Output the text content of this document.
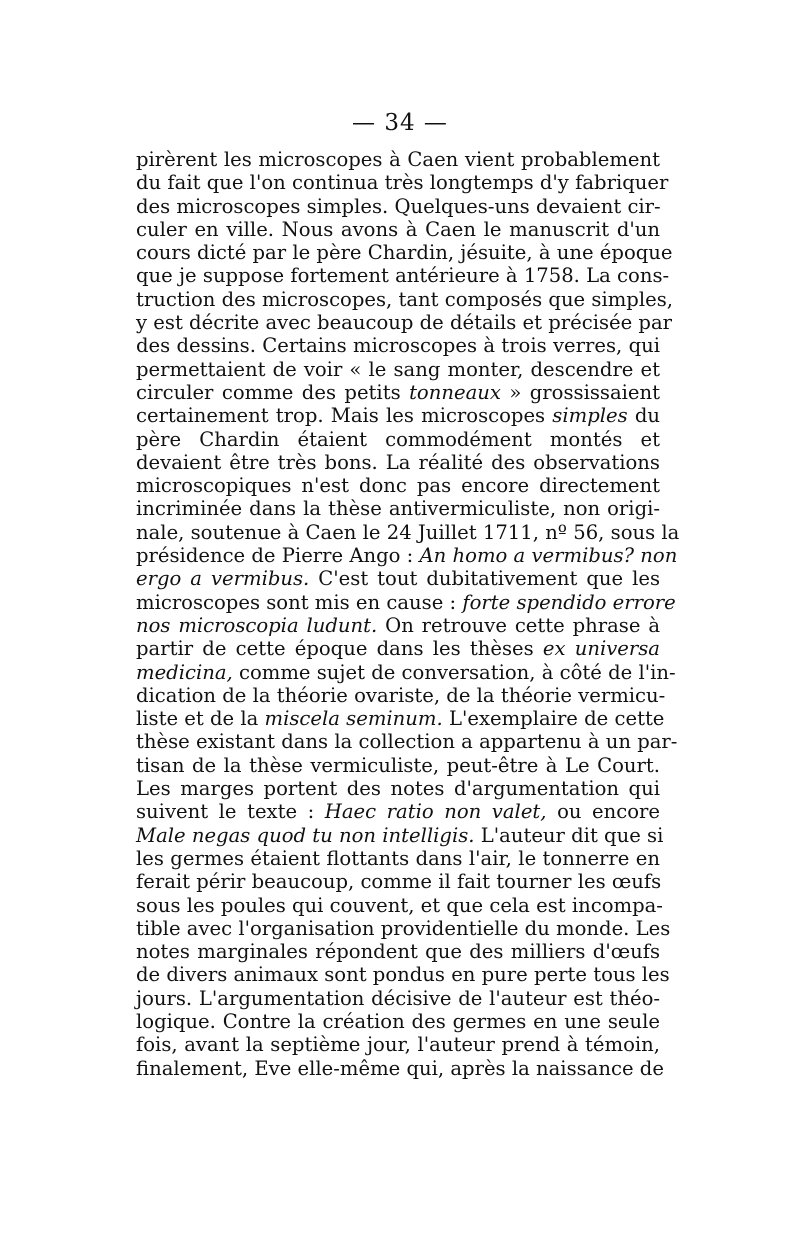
— 34 —
pirèrent les microscopes à Caen vient probablement
du fait que l'on continua très longtemps d'y fabriquer
des microscopes simples. Quelques-uns devaient cir-
culer en ville. Nous avons à Caen le manuscrit d'un
cours dicté par le père Chardin, jésuite, à une époque
que je suppose fortement antérieure à 1758. La cons-
truction des microscopes, tant composés que simples,
y est décrite avec beaucoup de détails et précisée par
des dessins. Certains microscopes à trois verres, qui
permettaient de voir « le sang monter, descendre et
circuler comme des petits tonneaux » grossissaient
certainement trop. Mais les microscopes simples du
père Chardin étaient commodément montés et
devaient être très bons. La réalité des observations
microscopiques n'est donc pas encore directement
incriminée dans la thèse antivermiculiste, non origi-
nale, soutenue à Caen le 24 Juillet 1711, nº 56, sous la
présidence de Pierre Ango : An homo a vermibus? non
ergo a vermibus. C'est tout dubitativement que les
microscopes sont mis en cause : forte spendido errore
nos microscopia ludunt. On retrouve cette phrase à
partir de cette époque dans les thèses ex universa
medicina, comme sujet de conversation, à côté de l'in-
dication de la théorie ovariste, de la théorie vermicu-
liste et de la miscela seminum. L'exemplaire de cette
thèse existant dans la collection a appartenu à un par-
tisan de la thèse vermiculiste, peut-être à Le Court.
Les marges portent des notes d'argumentation qui
suivent le texte : Haec ratio non valet, ou encore
Male negas quod tu non intelligis. L'auteur dit que si
les germes étaient flottants dans l'air, le tonnerre en
ferait périr beaucoup, comme il fait tourner les œufs
sous les poules qui couvent, et que cela est incompa-
tible avec l'organisation providentielle du monde. Les
notes marginales répondent que des milliers d'œufs
de divers animaux sont pondus en pure perte tous les
jours. L'argumentation décisive de l'auteur est théo-
logique. Contre la création des germes en une seule
fois, avant la septième jour, l'auteur prend à témoin,
finalement, Eve elle-même qui, après la naissance de
